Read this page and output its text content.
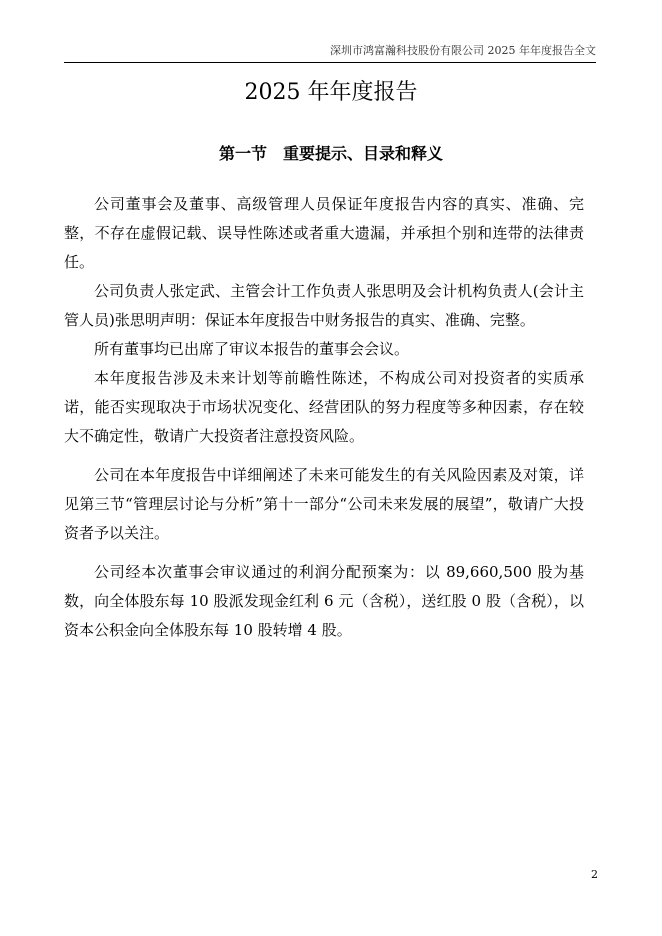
深圳市鸿富瀚科技股份有限公司 2025 年年度报告全文
2025 年年度报告
第一节　重要提示、目录和释义

公司董事会及董事、高级管理人员保证年度报告内容的真实、准确、完整，不存在虚假记载、误导性陈述或者重大遗漏，并承担个别和连带的法律责任。

公司负责人张定武、主管会计工作负责人张思明及会计机构负责人(会计主管人员)张思明声明：保证本年度报告中财务报告的真实、准确、完整。

所有董事均已出席了审议本报告的董事会会议。

本年度报告涉及未来计划等前瞻性陈述，不构成公司对投资者的实质承诺，能否实现取决于市场状况变化、经营团队的努力程度等多种因素，存在较大不确定性，敬请广大投资者注意投资风险。

公司在本年度报告中详细阐述了未来可能发生的有关风险因素及对策，详见第三节“管理层讨论与分析”第十一部分“公司未来发展的展望”，敬请广大投资者予以关注。

公司经本次董事会审议通过的利润分配预案为：以 89,660,500 股为基数，向全体股东每 10 股派发现金红利 6 元（含税），送红股 0 股（含税），以资本公积金向全体股东每 10 股转增 4 股。

2
